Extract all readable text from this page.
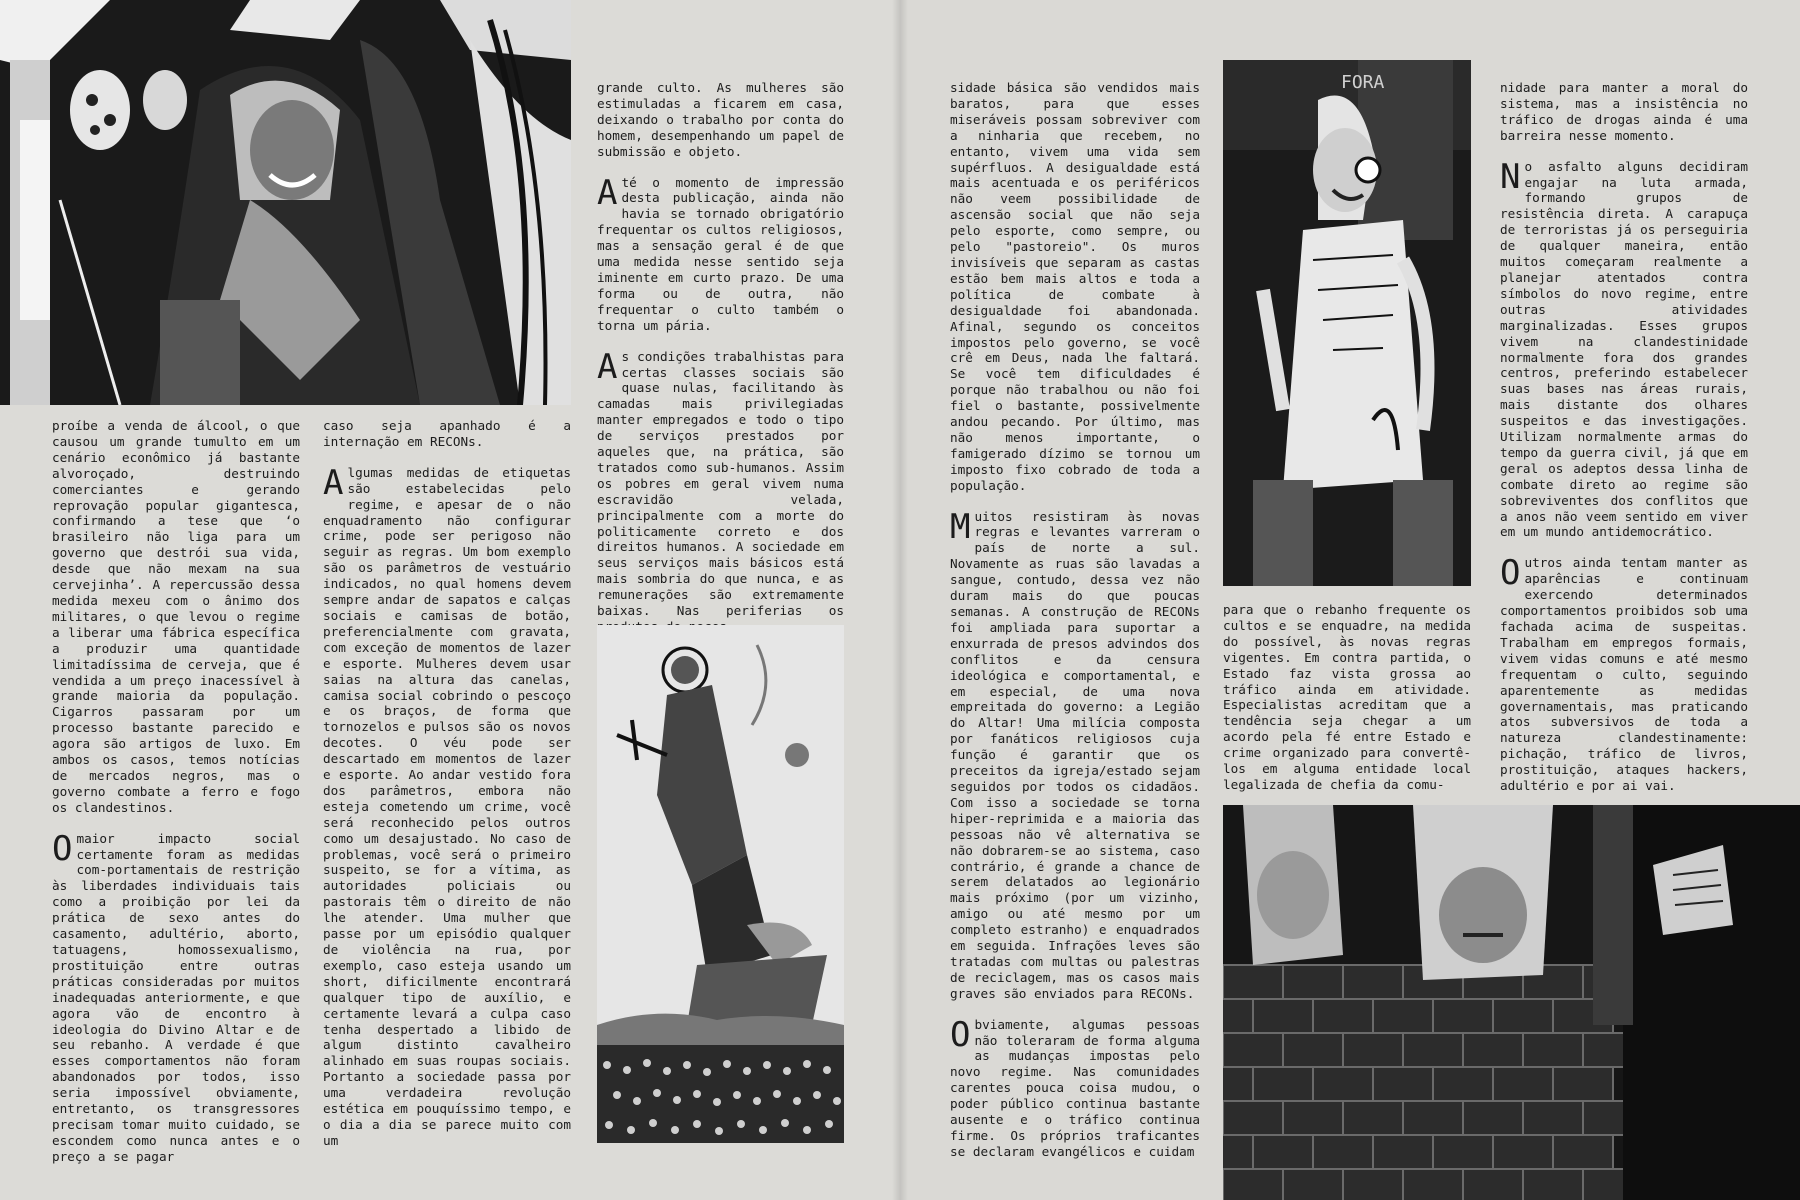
proíbe a venda de álcool, o que causou um grande tumulto em um cenário econômico já bastante alvoroçado, destruindo comerciantes e gerando reprovação popular gigantesca, confirmando a tese que ‘o brasileiro não liga para um governo que destrói sua vida, desde que não mexam na sua cervejinha’. A repercussão dessa medida mexeu com o ânimo dos militares, o que levou o regime a liberar uma fábrica específica a produzir uma quantidade limitadíssima de cerveja, que é vendida a um preço inacessível à grande maioria da população. Cigarros passaram por um processo bastante parecido e agora são artigos de luxo. Em ambos os casos, temos notícias de mercados negros, mas o governo combate a ferro e fogo os clandestinos.

Omaior impacto social certamente foram as medidas com-portamentais de restrição às liberdades individuais tais como a proibição por lei da prática de sexo antes do casamento, adultério, aborto, tatuagens, homossexualismo, prostituição entre outras práticas consideradas por muitos inadequadas anteriormente, e que agora vão de encontro à ideologia do Divino Altar e de seu rebanho. A verdade é que esses comportamentos não foram abandonados por todos, isso seria impossível obviamente, entretanto, os transgressores precisam tomar muito cuidado, se escondem como nunca antes e o preço a se pagar

caso seja apanhado é a internação em RECONs.

Algumas medidas de etiquetas são estabelecidas pelo regime, e apesar de o não enquadramento não configurar crime, pode ser perigoso não seguir as regras. Um bom exemplo são os parâmetros de vestuário indicados, no qual homens devem sempre andar de sapatos e calças sociais e camisas de botão, preferencialmente com gravata, com exceção de momentos de lazer e esporte. Mulheres devem usar saias na altura das canelas, camisa social cobrindo o pescoço e os braços, de forma que tornozelos e pulsos são os novos decotes. O véu pode ser descartado em momentos de lazer e esporte. Ao andar vestido fora dos parâmetros, embora não esteja cometendo um crime, você será reconhecido pelos outros como um desajustado. No caso de problemas, você será o primeiro suspeito, se for a vítima, as autoridades policiais ou pastorais têm o direito de não lhe atender. Uma mulher que passe por um episódio qualquer de violência na rua, por exemplo, caso esteja usando um short, dificilmente encontrará qualquer tipo de auxílio, e certamente levará a culpa caso tenha despertado a libido de algum distinto cavalheiro alinhado em suas roupas sociais. Portanto a sociedade passa por uma verdadeira revolução estética em pouquíssimo tempo, e o dia a dia se parece muito com um

grande culto. As mulheres são estimuladas a ficarem em casa, deixando o trabalho por conta do homem, desempenhando um papel de submissão e objeto.

Até o momento de impressão desta publicação, ainda não havia se tornado obrigatório frequentar os cultos religiosos, mas a sensação geral é de que uma medida nesse sentido seja iminente em curto prazo. De uma forma ou de outra, não frequentar o culto também o torna um pária.

As condições trabalhistas para certas classes sociais são quase nulas, facilitando às camadas mais privilegiadas manter empregados e todo o tipo de serviços prestados por aqueles que, na prática, são tratados como sub-humanos. Assim os pobres em geral vivem numa escravidão velada, principalmente com a morte do politicamente correto e dos direitos humanos. A sociedade em seus serviços mais básicos está mais sombria do que nunca, e as remunerações são extremamente baixas. Nas periferias os

sidade básica são vendidos mais baratos, para que esses miseráveis possam sobreviver com a ninharia que recebem, no entanto, vivem uma vida sem supérfluos. A desigualdade está mais acentuada e os periféricos não veem possibilidade de ascensão social que não seja pelo esporte, como sempre, ou pelo "pastoreio". Os muros invisíveis que separam as castas estão bem mais altos e toda a política de combate à desigualdade foi abandonada. Afinal, segundo os conceitos impostos pelo governo, se você crê em Deus, nada lhe faltará. Se você tem dificuldades é porque não trabalhou ou não foi fiel o bastante, possivelmente andou pecando. Por último, mas não menos importante, o famigerado dízimo se tornou um imposto fixo cobrado de toda a população.

Muitos resistiram às novas regras e levantes varreram o país de norte a sul. Novamente as ruas são lavadas a sangue, contudo, dessa vez não duram mais do que poucas semanas. A construção de RECONs foi ampliada para suportar a enxurrada de presos advindos dos conflitos e da censura ideológica e comportamental, e em especial, de uma nova empreitada do governo: a Legião do Altar! Uma milícia composta por fanáticos religiosos cuja função é garantir que os preceitos da igreja/estado sejam seguidos por todos os cidadãos. Com isso a sociedade se torna hiper-reprimida e a maioria das pessoas não vê alternativa se não dobrarem-se ao sistema, caso contrário, é grande a chance de serem delatados ao legionário mais próximo (por um vizinho, amigo ou até mesmo por um completo estranho) e enquadrados em seguida. Infrações leves são tratadas com multas ou palestras de reciclagem, mas os casos mais graves são enviados para RECONs.

Obviamente, algumas pessoas não toleraram de forma alguma as mudanças impostas pelo novo regime. Nas comunidades carentes pouca coisa mudou, o poder público continua bastante ausente e o tráfico continua firme. Os próprios traficantes se declaram evangélicos e cuidam

FORA

para que o rebanho frequente os cultos e se enquadre, na medida do possível, às novas regras vigentes. Em contra partida, o Estado faz vista grossa ao tráfico ainda em atividade. Especialistas acreditam que a tendência seja chegar a um acordo pela fé entre Estado e crime organizado para convertê-los em alguma entidade local legalizada de chefia da comu-

nidade para manter a moral do sistema, mas a insistência no tráfico de drogas ainda é uma barreira nesse momento.

No asfalto alguns decidiram engajar na luta armada, formando grupos de resistência direta. A carapuça de terroristas já os perseguiria de qualquer maneira, então muitos começaram realmente a planejar atentados contra símbolos do novo regime, entre outras atividades marginalizadas. Esses grupos vivem na clandestinidade normalmente fora dos grandes centros, preferindo estabelecer suas bases nas áreas rurais, mais distante dos olhares suspeitos e das investigações. Utilizam normalmente armas do tempo da guerra civil, já que em geral os adeptos dessa linha de combate direto ao regime são sobreviventes dos conflitos que a anos não veem sentido em viver em um mundo antidemocrático.

Outros ainda tentam manter as aparências e continuam exercendo determinados comportamentos proibidos sob uma fachada acima de suspeitas. Trabalham em empregos formais, vivem vidas comuns e até mesmo frequentam o culto, seguindo aparentemente as medidas governamentais, mas praticando atos subversivos de toda a natureza clandestinamente: pichação, tráfico de livros, prostituição, ataques hackers, adultério e por ai vai.
